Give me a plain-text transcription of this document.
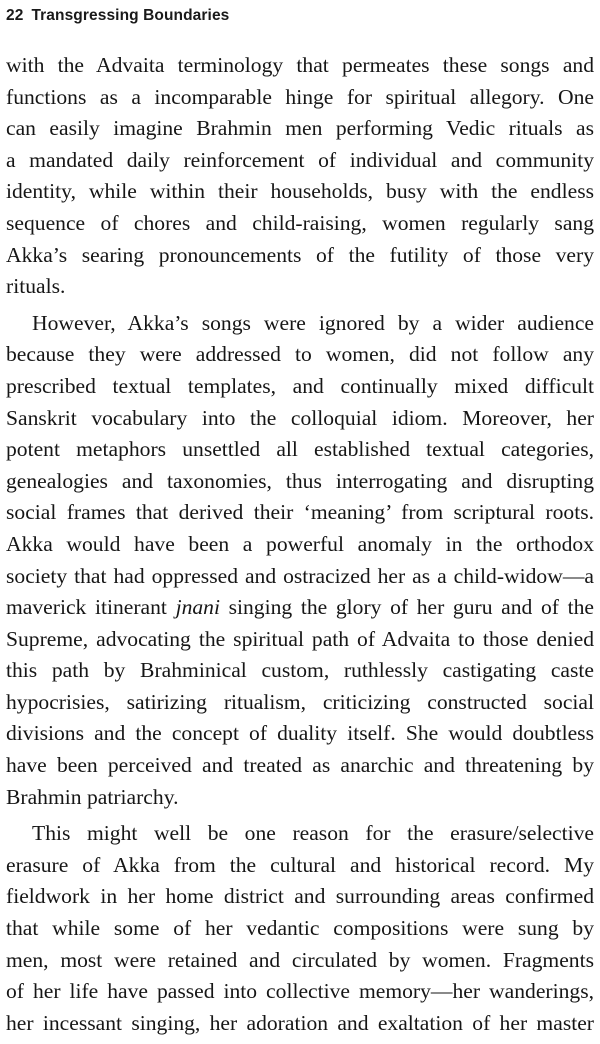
22 Transgressing Boundaries
with the Advaita terminology that permeates these songs and
functions as a incomparable hinge for spiritual allegory. One
can easily imagine Brahmin men performing Vedic rituals as
a mandated daily reinforcement of individual and community
identity, while within their households, busy with the endless
sequence of chores and child-raising, women regularly sang
Akka’s searing pronouncements of the futility of those very
rituals.
However, Akka’s songs were ignored by a wider audience
because they were addressed to women, did not follow any
prescribed textual templates, and continually mixed difficult
Sanskrit vocabulary into the colloquial idiom. Moreover, her
potent metaphors unsettled all established textual categories,
genealogies and taxonomies, thus interrogating and disrupting
social frames that derived their ‘meaning’ from scriptural roots.
Akka would have been a powerful anomaly in the orthodox
society that had oppressed and ostracized her as a child-widow—a
maverick itinerant jnani singing the glory of her guru and of the
Supreme, advocating the spiritual path of Advaita to those denied
this path by Brahminical custom, ruthlessly castigating caste
hypocrisies, satirizing ritualism, criticizing constructed social
divisions and the concept of duality itself. She would doubtless
have been perceived and treated as anarchic and threatening by
Brahmin patriarchy.
This might well be one reason for the erasure/selective
erasure of Akka from the cultural and historical record. My
fieldwork in her home district and surrounding areas confirmed
that while some of her vedantic compositions were sung by
men, most were retained and circulated by women. Fragments
of her life have passed into collective memory—her wanderings,
her incessant singing, her adoration and exaltation of her master
